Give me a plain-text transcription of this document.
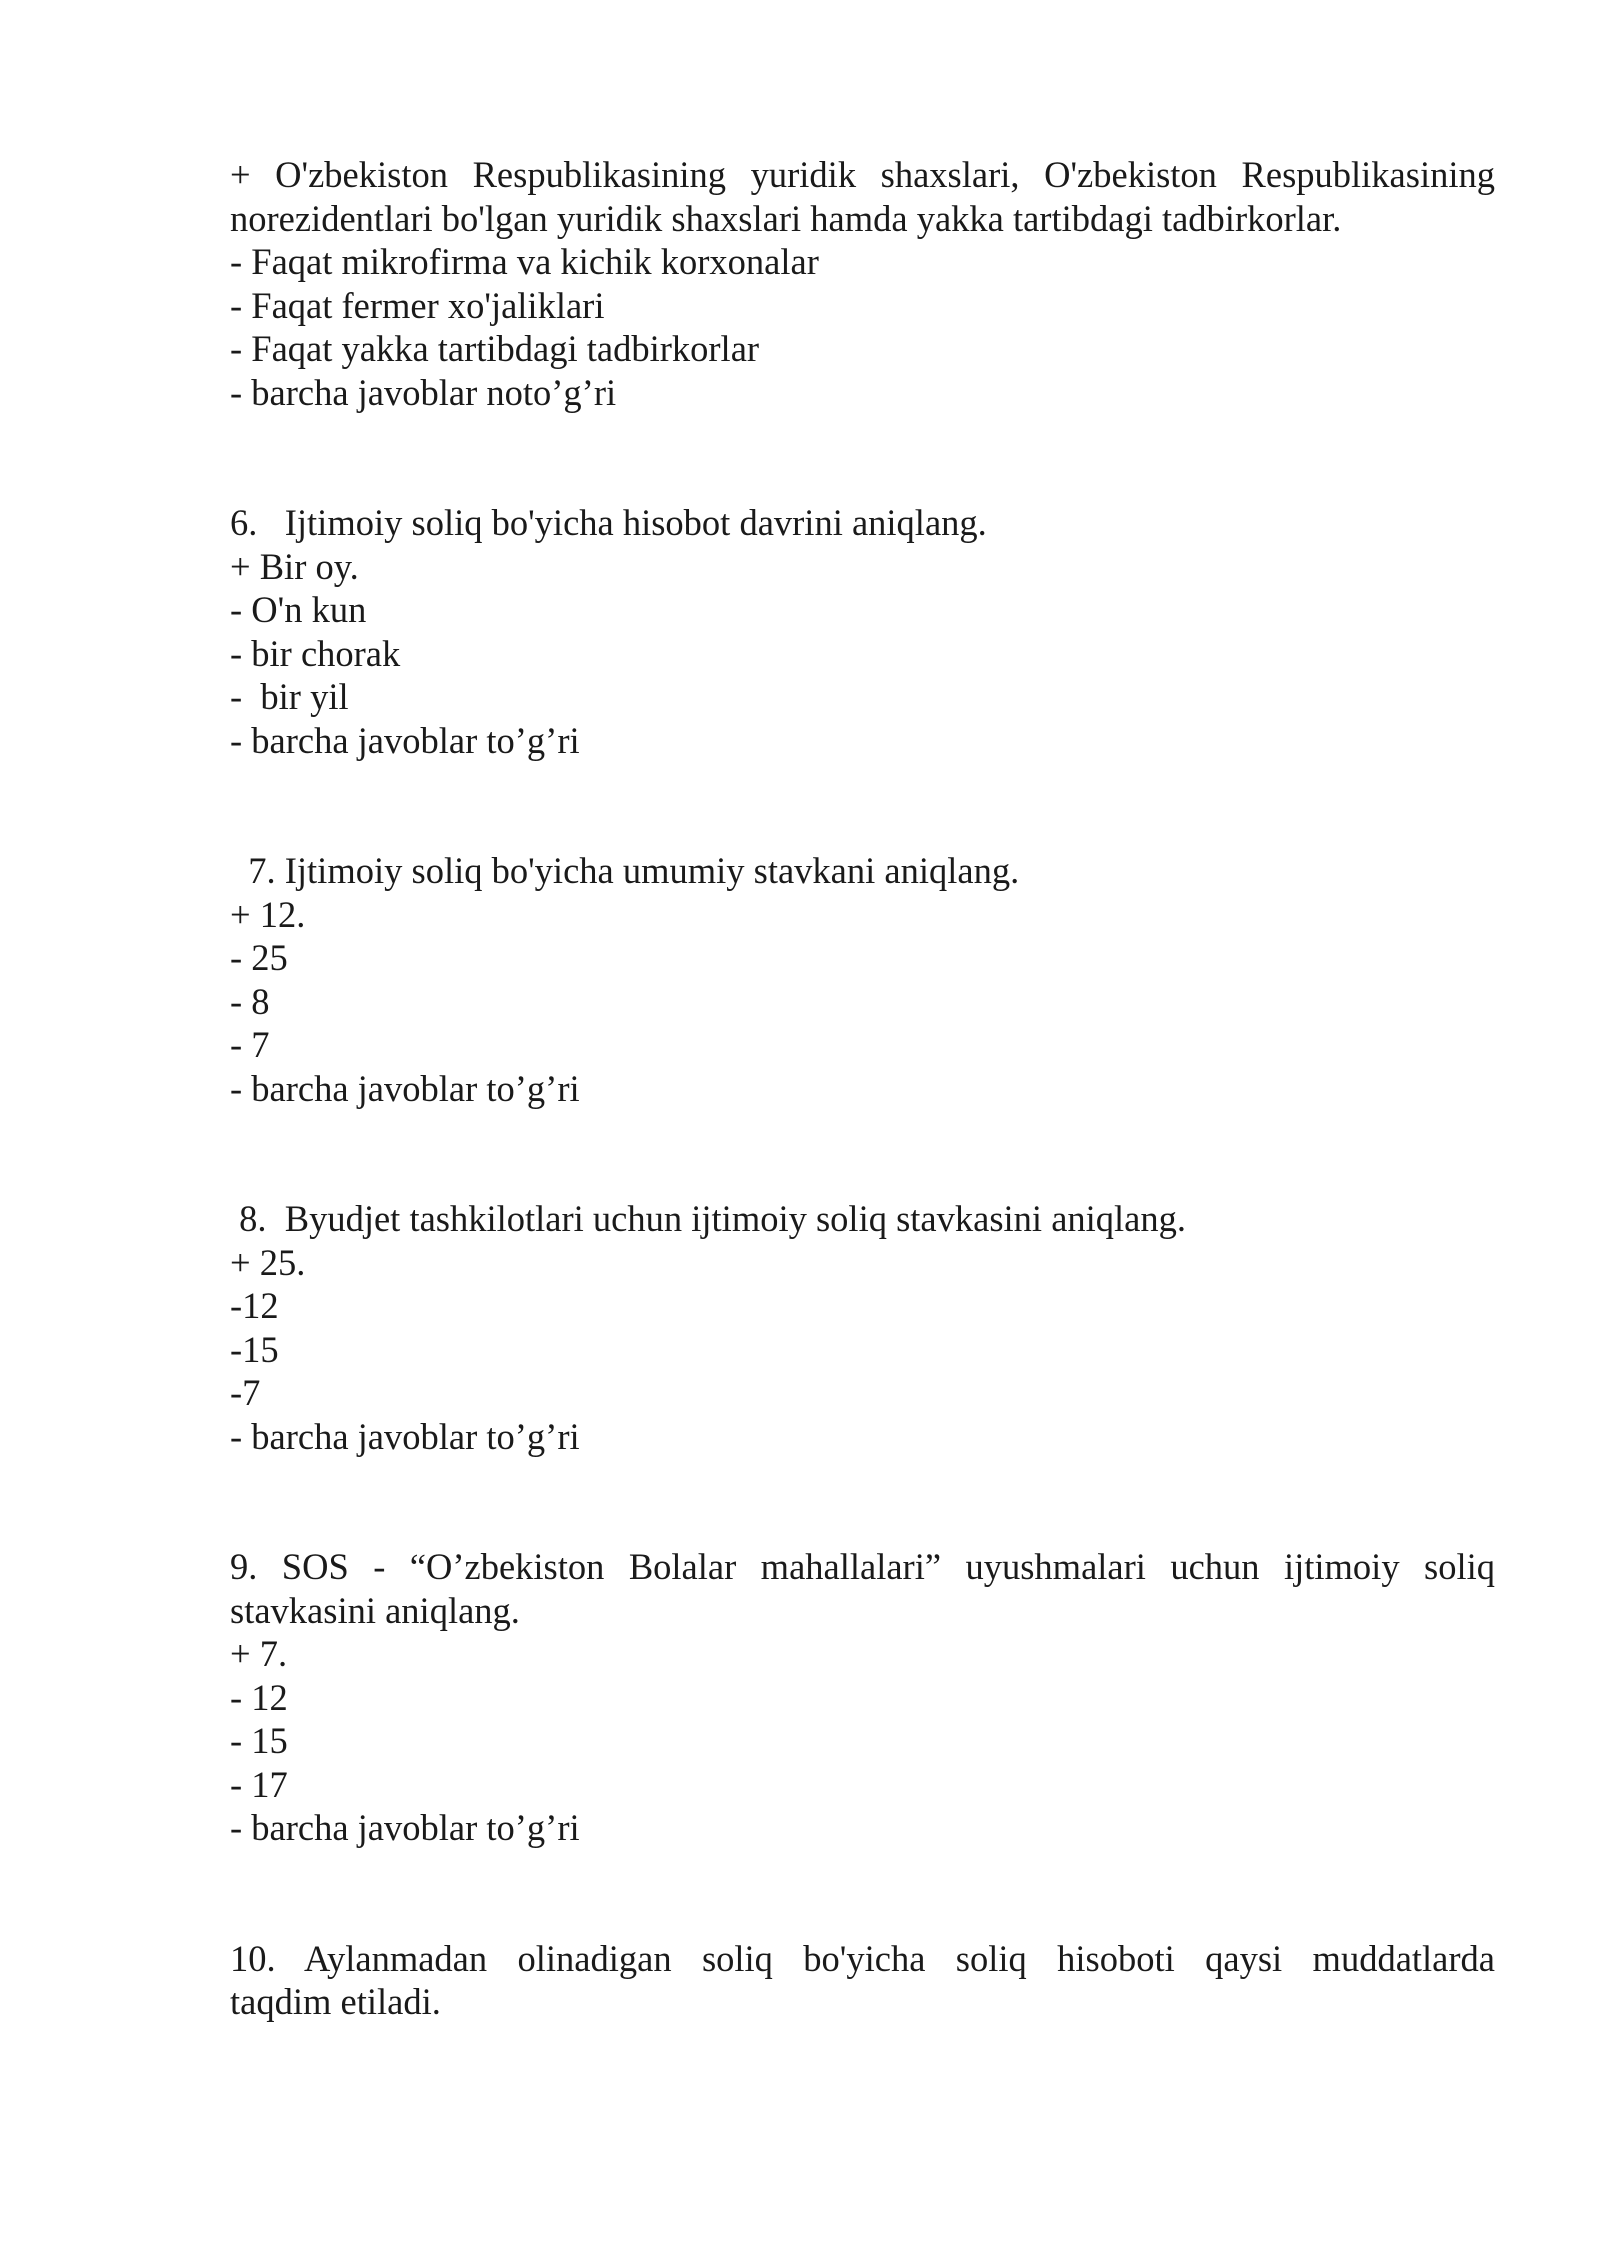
+ O'zbekiston Respublikasining yuridik shaxslari, O'zbekiston Respublikasining
norezidentlari bo'lgan yuridik shaxslari hamda yakka tartibdagi tadbirkorlar.
- Faqat mikrofirma va kichik korxonalar
- Faqat fermer xo'jaliklari
- Faqat yakka tartibdagi tadbirkorlar
- barcha javoblar noto’g’ri
6.   Ijtimoiy soliq bo'yicha hisobot davrini aniqlang.
+ Bir oy.
- O'n kun
- bir chorak
-  bir yil
- barcha javoblar to’g’ri
7. Ijtimoiy soliq bo'yicha umumiy stavkani aniqlang.
+ 12.
- 25
- 8
- 7
- barcha javoblar to’g’ri
8.  Byudjet tashkilotlari uchun ijtimoiy soliq stavkasini aniqlang.
+ 25.
-12
-15
-7
- barcha javoblar to’g’ri
9. SOS - “O’zbekiston Bolalar mahallalari” uyushmalari uchun ijtimoiy soliq
stavkasini aniqlang.
+ 7.
- 12
- 15
- 17
- barcha javoblar to’g’ri
10. Aylanmadan olinadigan soliq bo'yicha soliq hisoboti qaysi muddatlarda
taqdim etiladi.
